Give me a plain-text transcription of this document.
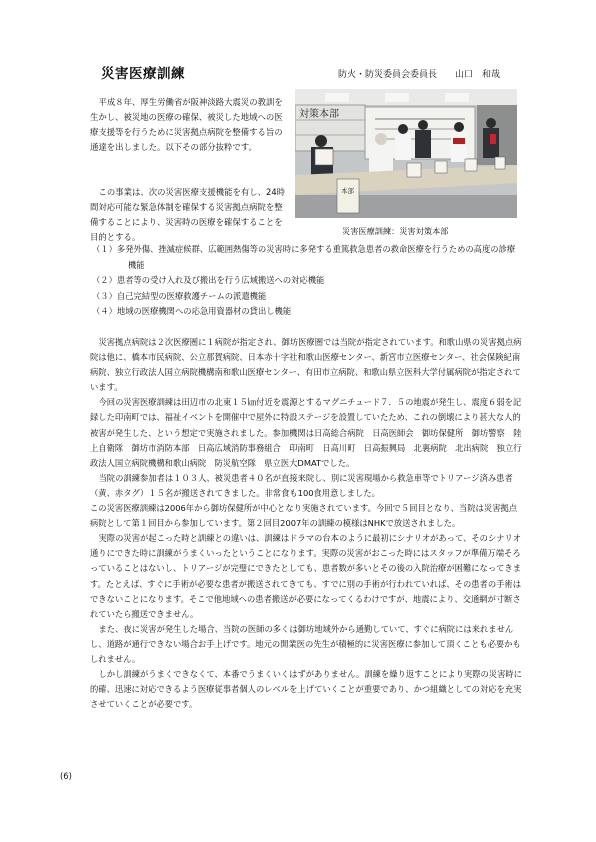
災害医療訓練	防火・防災委員会委員長　　山口　和哉
平成８年、厚生労働省が阪神淡路大震災の教訓を生かし、被災地の医療の確保、被災した地域への医療支援等を行うために災害拠点病院を整備する旨の通達を出しました。以下その部分抜粋です。
この事業は、次の災害医療支援機能を有し、24時間対応可能な緊急体制を確保する災害拠点病院を整備することにより、災害時の医療を確保することを目的とする。
対策本部
本部
災害医療訓練：災害対策本部
（１）多発外傷、挫滅症候群、広範囲熱傷等の災害時に多発する重篤救急患者の救命医療を行うための高度の診療機能
（２）患者等の受け入れ及び搬出を行う広域搬送への対応機能
（３）自己完結型の医療救護チームの派遣機能
（４）地域の医療機関への応急用資器材の貸出し機能

災害拠点病院は２次医療圏に１病院が指定され、御坊医療圏では当院が指定されています。和歌山県の災害拠点病院は他に、橋本市民病院、公立那賀病院、日本赤十字社和歌山医療センター、新宮市立医療センター、社会保険紀南病院、独立行政法人国立病院機構南和歌山医療センター、有田市立病院、和歌山県立医科大学付属病院が指定されています。

今回の災害医療訓練は田辺市の北東１５㎞付近を震源とするマグニチュード７．５の地震が発生し、震度６弱を記録した印南町では、福祉イベントを開催中で屋外に特設ステージを設置していたため、これの倒壊により甚大な人的被害が発生した、という想定で実施されました。参加機関は日高総合病院　日高医師会　御坊保健所　御坊警察　陸上自衛隊　御坊市消防本部　日高広域消防事務組合　印南町　日高川町　日高振興局　北裏病院　北出病院　独立行政法人国立病院機構和歌山病院　防災航空隊　県立医大DMATでした。

当院の訓練参加者は１０３人、被災患者４０名が直接来院し、別に災害現場から救急車等でトリアージ済み患者（黄、赤タグ）１５名が搬送されてきました。非常食も100食用意しました。

この災害医療訓練は2006年から御坊保健所が中心となり実施されています。今回で５回目となり、当院は災害拠点病院として第１回目から参加しています。第２回目2007年の訓練の模様はNHKで放送されました。

実際の災害が起こった時と訓練との違いは、訓練はドラマの台本のように最初にシナリオがあって、そのシナリオ通りにできた時に訓練がうまくいったということになります。実際の災害がおこった時にはスタッフが準備万端そろっていることはないし、トリアージが完璧にできたとしても、患者数が多いとその後の入院治療が困難になってきます。たとえば、すぐに手術が必要な患者が搬送されてきても、すでに別の手術が行われていれば、その患者の手術はできないことになります。そこで他地域への患者搬送が必要になってくるわけですが、地震により、交通網が寸断されていたら搬送できません。

また、夜に災害が発生した場合、当院の医師の多くは御坊地域外から通勤していて、すぐに病院には来れませんし、道路が通行できない場合お手上げです。地元の開業医の先生が積極的に災害医療に参加して頂くことも必要かもしれません。

しかし訓練がうまくできなくて、本番でうまくいくはずがありません。訓練を繰り返すことにより実際の災害時に的確、迅速に対応できるよう医療従事者個人のレベルを上げていくことが重要であり、かつ組織としての対応を充実させていくことが必要です。

(6)
